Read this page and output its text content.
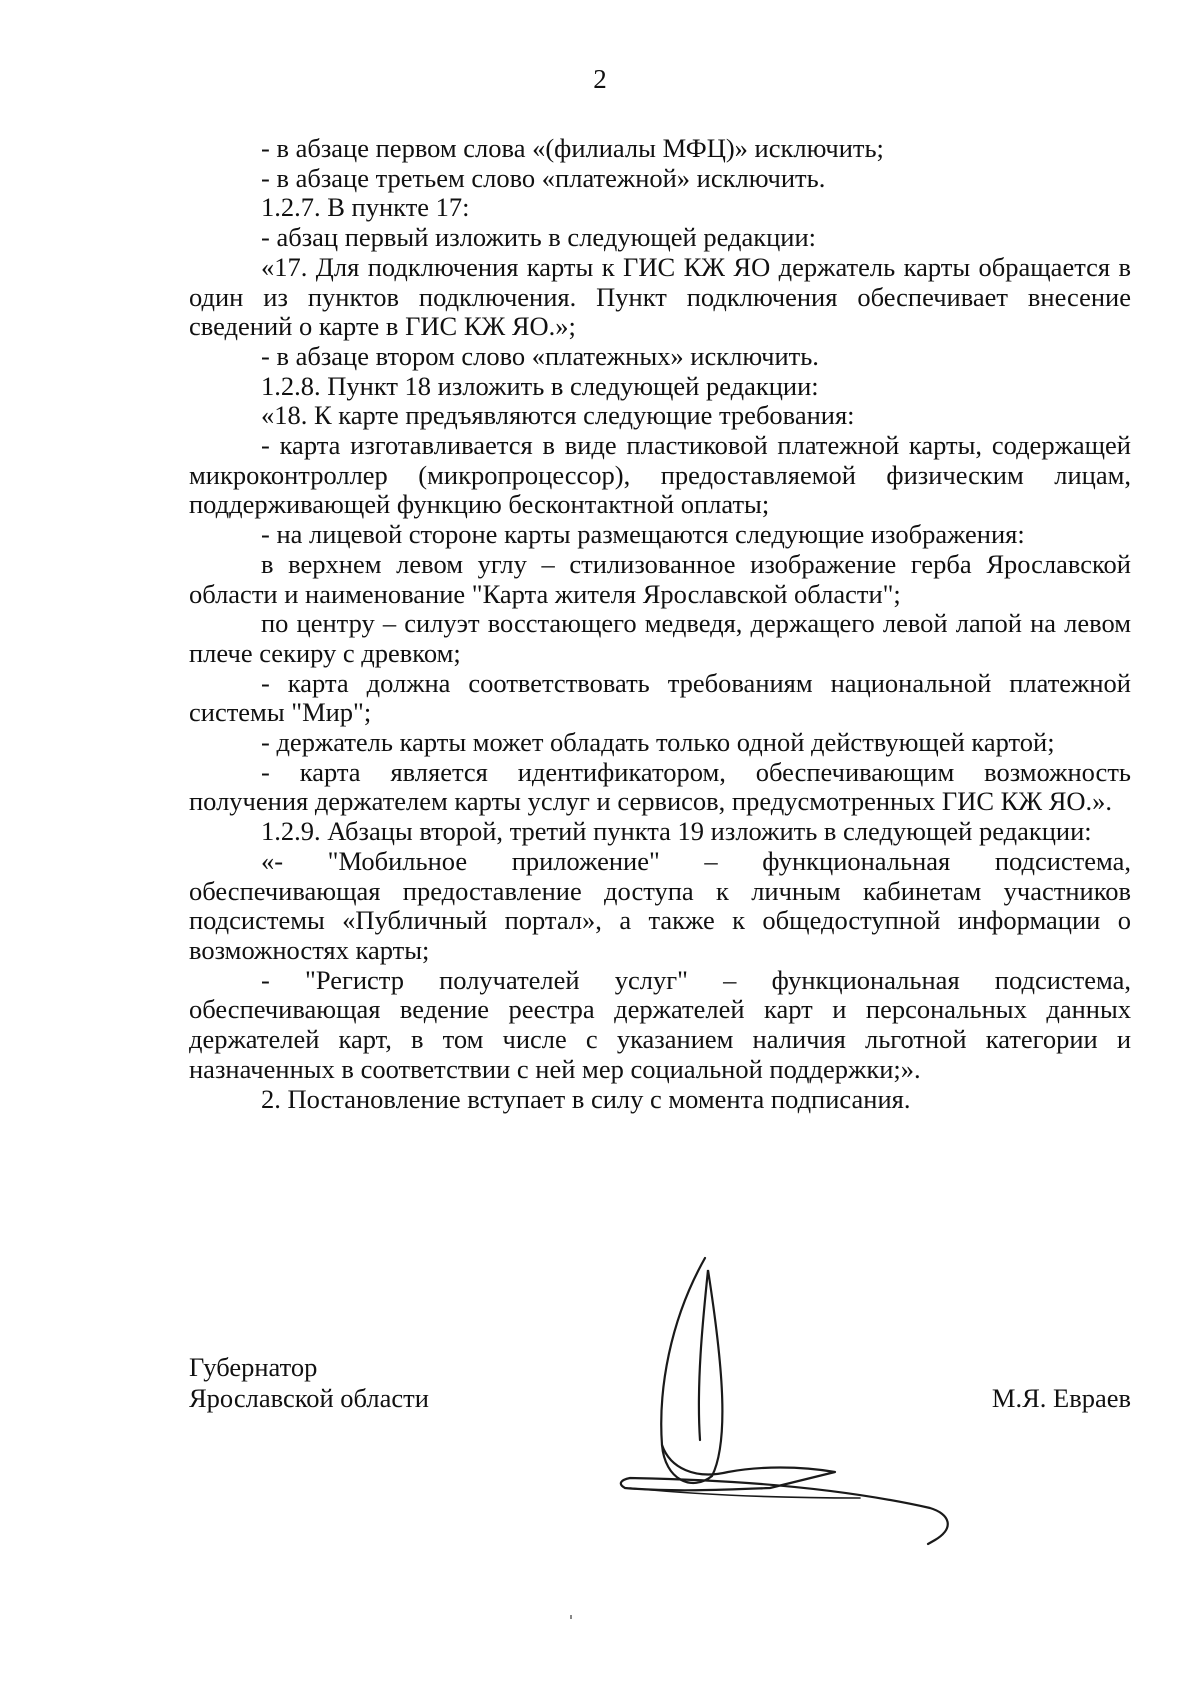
2

- в абзаце первом слова «(филиалы МФЦ)» исключить;

- в абзаце третьем слово «платежной» исключить.

1.2.7. В пункте 17:

- абзац первый изложить в следующей редакции:

«17. Для подключения карты к ГИС КЖ ЯО держатель карты обращается в один из пунктов подключения. Пункт подключения обеспечивает внесение сведений о карте в ГИС КЖ ЯО.»;

- в абзаце втором слово «платежных» исключить.

1.2.8. Пункт 18 изложить в следующей редакции:

«18. К карте предъявляются следующие требования:

- карта изготавливается в виде пластиковой платежной карты, содержащей микроконтроллер (микропроцессор), предоставляемой физическим лицам, поддерживающей функцию бесконтактной оплаты;

- на лицевой стороне карты размещаются следующие изображения:

в верхнем левом углу – стилизованное изображение герба Ярославской области и наименование "Карта жителя Ярославской области";

по центру – силуэт восстающего медведя, держащего левой лапой на левом плече секиру с древком;

- карта должна соответствовать требованиям национальной платежной системы "Мир";

- держатель карты может обладать только одной действующей картой;

- карта является идентификатором, обеспечивающим возможность получения держателем карты услуг и сервисов, предусмотренных ГИС КЖ ЯО.».

1.2.9. Абзацы второй, третий пункта 19 изложить в следующей редакции:

«- "Мобильное приложение" – функциональная подсистема, обеспечивающая предоставление доступа к личным кабинетам участников подсистемы «Публичный портал», а также к общедоступной информации о возможностях карты;

- "Регистр получателей услуг" – функциональная подсистема, обеспечивающая ведение реестра держателей карт и персональных данных держателей карт, в том числе с указанием наличия льготной категории и назначенных в соответствии с ней мер социальной поддержки;».

2. Постановление вступает в силу с момента подписания.

Губернатор
Ярославской области	М.Я. Евраев
